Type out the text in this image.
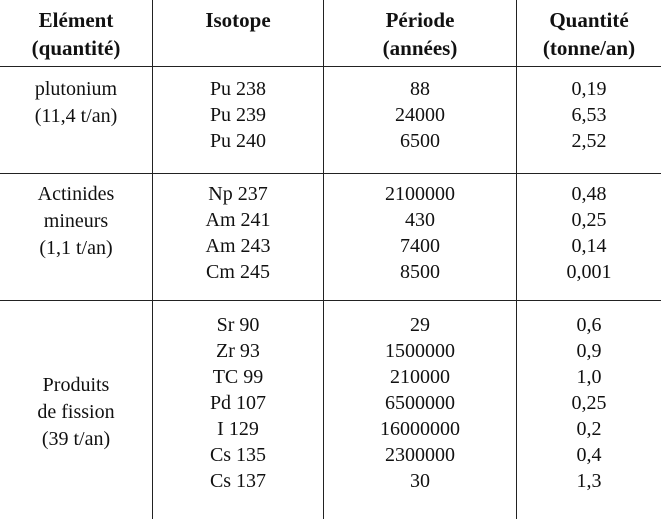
Elément
(quantité)
Isotope	Période
(années)
Quantité
(tonne/an)
plutonium
(11,4 t/an)
Pu 238
Pu 239
Pu 240
88
24000
6500
0,19
6,53
2,52
Actinides
mineurs
(1,1 t/an)
Np 237
Am 241
Am 243
Cm 245
2100000
430
7400
8500
0,48
0,25
0,14
0,001
Produits
de fission
(39 t/an)
Sr 90
Zr 93
TC 99
Pd 107
I 129
Cs 135
Cs 137
29
1500000
210000
6500000
16000000
2300000
30
0,6
0,9
1,0
0,25
0,2
0,4
1,3
